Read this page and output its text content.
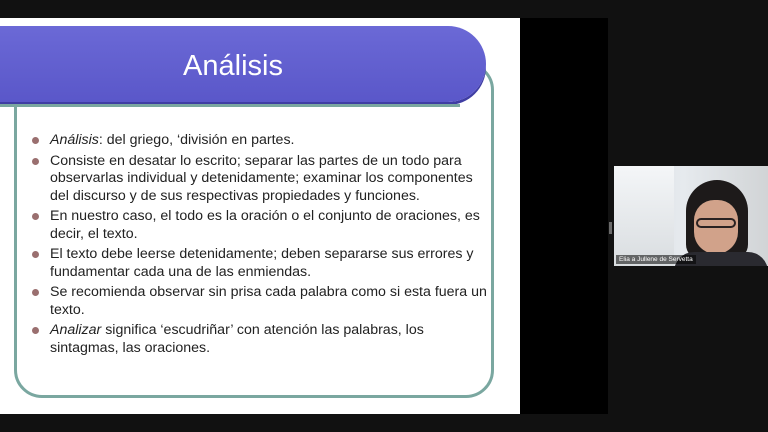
Análisis
Análisis: del griego, ‘división en partes.
Consiste en desatar lo escrito; separar las partes de un todo para observarlas individual y detenidamente; examinar los componentes del discurso y de sus respectivas propiedades y funciones.
En nuestro caso, el todo es la oración o el conjunto de oraciones, es decir, el texto.
El texto debe leerse detenidamente; deben separarse sus errores y fundamentar cada una de las enmiendas.
Se recomienda observar sin prisa cada palabra como si esta fuera un texto.
Analizar significa ‘escudriñar’ con atención las palabras, los sintagmas, las oraciones.
Elia a Jullene de Servetta
